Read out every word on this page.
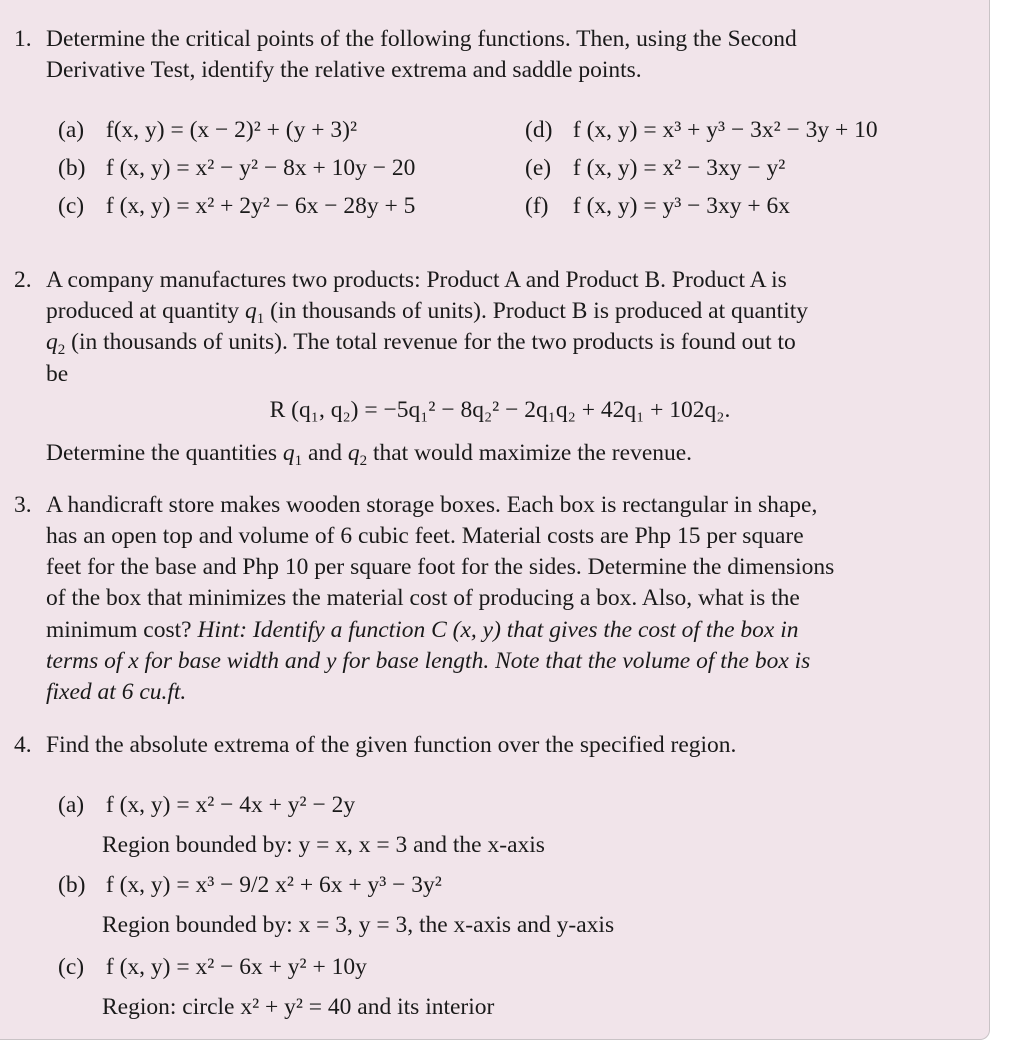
1. Determine the critical points of the following functions. Then, using the Second
Derivative Test, identify the relative extrema and saddle points.
(a) f(x, y) = (x − 2)² + (y + 3)²
(b) f (x, y) = x² − y² − 8x + 10y − 20
(c) f (x, y) = x² + 2y² − 6x − 28y + 5
(d) f (x, y) = x³ + y³ − 3x² − 3y + 10
(e) f (x, y) = x² − 3xy − y²
(f) f (x, y) = y³ − 3xy + 6x
2. A company manufactures two products: Product A and Product B. Product A is
produced at quantity $q_1$ (in thousands of units). Product B is produced at quantity
$q_2$ (in thousands of units). The total revenue for the two products is found out to
be
R (q₁, q₂) = −5q₁² − 8q₂² − 2q₁q₂ + 42q₁ + 102q₂.
Determine the quantities $q_1$ and $q_2$ that would maximize the revenue.
3. A handicraft store makes wooden storage boxes. Each box is rectangular in shape,
has an open top and volume of 6 cubic feet. Material costs are Php 15 per square
feet for the base and Php 10 per square foot for the sides. Determine the dimensions
of the box that minimizes the material cost of producing a box. Also, what is the
minimum cost? Hint: Identify a function C (x, y) that gives the cost of the box in
terms of x for base width and y for base length. Note that the volume of the box is
fixed at 6 cu.ft.
4. Find the absolute extrema of the given function over the specified region.
(a) f (x, y) = x² − 4x + y² − 2y
Region bounded by: y = x, x = 3 and the x-axis
(b) f (x, y) = x³ − 9/2 x² + 6x + y³ − 3y²
Region bounded by: x = 3, y = 3, the x-axis and y-axis
(c) f (x, y) = x² − 6x + y² + 10y
Region: circle x² + y² = 40 and its interior
